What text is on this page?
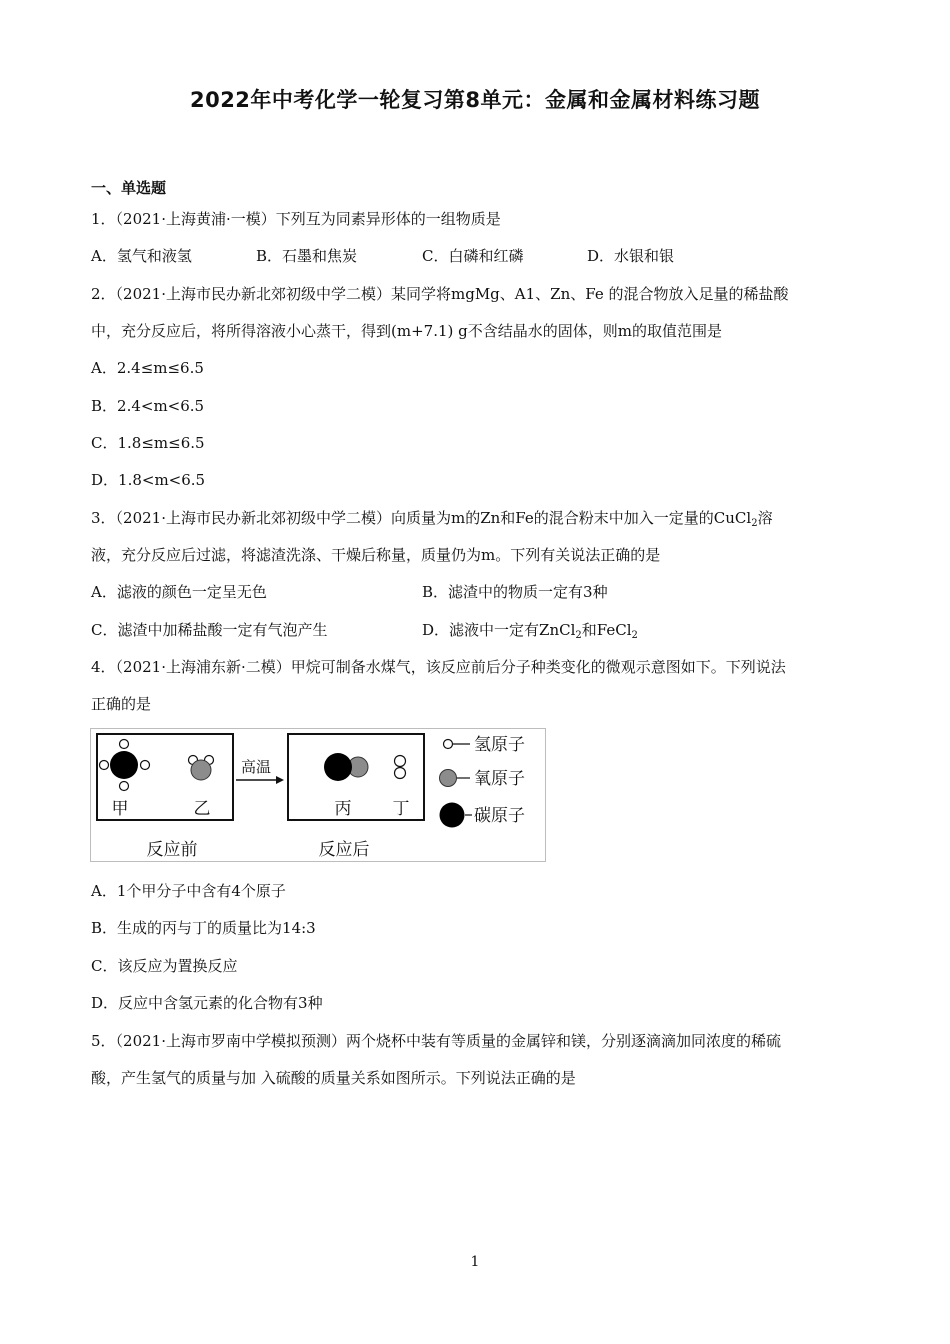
2022年中考化学一轮复习第8单元：金属和金属材料练习题
一、单选题
1．（2021·上海黄浦·一模）下列互为同素异形体的一组物质是
A．氢气和液氢	B．石墨和焦炭	C．白磷和红磷	D．水银和银
2．（2021·上海市民办新北郊初级中学二模）某同学将mgMg、A1、Zn、Fe 的混合物放入足量的稀盐酸
中，充分反应后，将所得溶液小心蒸干，得到(m+7.1) g不含结晶水的固体，则m的取值范围是
A．2.4≤m≤6.5
B．2.4<m<6.5
C．1.8≤m≤6.5
D．1.8<m<6.5
3．（2021·上海市民办新北郊初级中学二模）向质量为m的Zn和Fe的混合粉末中加入一定量的CuCl$_2$溶
液，充分反应后过滤，将滤渣洗涤、干燥后称量，质量仍为m。下列有关说法正确的是
A．滤液的颜色一定呈无色	B．滤渣中的物质一定有3种
C．滤渣中加稀盐酸一定有气泡产生	D．滤液中一定有ZnCl$_2$和FeCl$_2$
4．（2021·上海浦东新·二模）甲烷可制备水煤气，该反应前后分子种类变化的微观示意图如下。下列说法
正确的是
甲	乙
高温
丙 丁
反应前	反应后
氢原子
氧原子
碳原子
A．1个甲分子中含有4个原子
B．生成的丙与丁的质量比为14:3
C．该反应为置换反应
D．反应中含氢元素的化合物有3种
5．（2021·上海市罗南中学模拟预测）两个烧杯中装有等质量的金属锌和镁，分别逐滴滴加同浓度的稀硫
酸，产生氢气的质量与加 入硫酸的质量关系如图所示。下列说法正确的是
1
